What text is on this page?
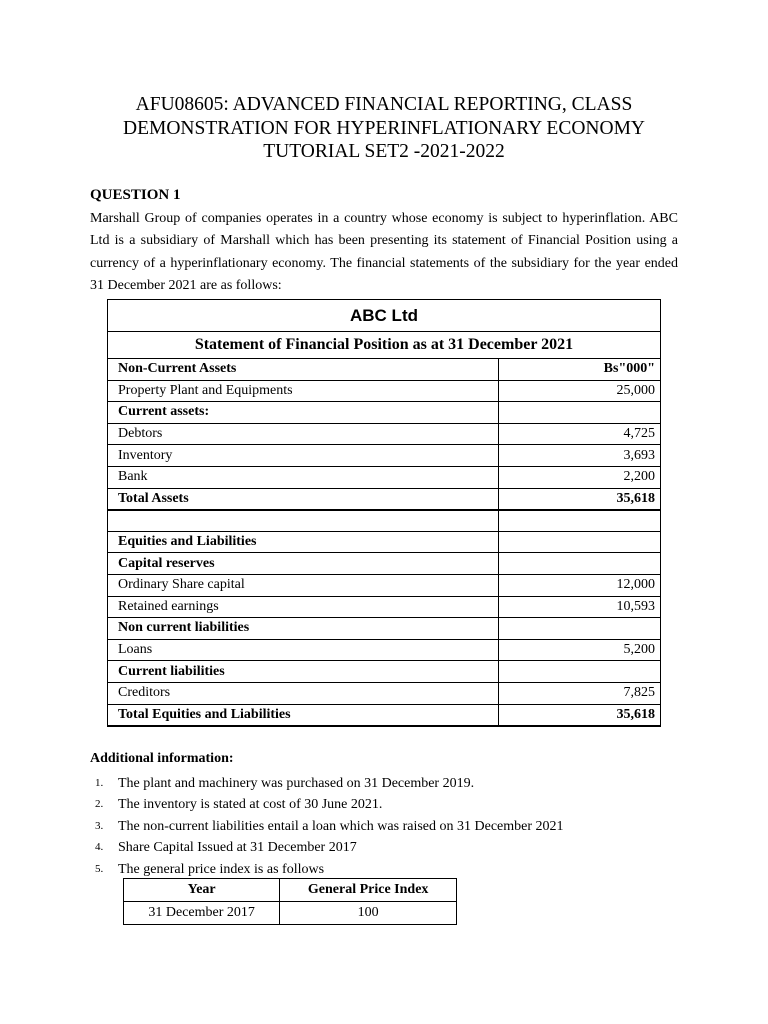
AFU08605: ADVANCED FINANCIAL REPORTING, CLASS
DEMONSTRATION FOR HYPERINFLATIONARY ECONOMY
TUTORIAL SET2 -2021-2022
QUESTION 1

Marshall Group of companies operates in a country whose economy is subject to hyperinflation. ABC Ltd is a subsidiary of Marshall which has been presenting its statement of Financial Position using a currency of a hyperinflationary economy. The financial statements of the subsidiary for the year ended 31 December 2021 are as follows:

ABC Ltd	
Statement of Financial Position as at 31 December 2021	
Non-Current Assets	Bs"000"
Property Plant and Equipments	25,000
Current assets:	
Debtors	4,725
Inventory	3,693
Bank	2,200
Total Assets	35,618

Equities and Liabilities	
Capital reserves	
Ordinary Share capital	12,000
Retained earnings	10,593
Non current liabilities	
Loans	5,200
Current liabilities	
Creditors	7,825
Total Equities and Liabilities	35,618
Additional information:
1. The plant and machinery was purchased on 31 December 2019.
2. The inventory is stated at cost of 30 June 2021.
3. The non-current liabilities entail a loan which was raised on 31 December 2021
4. Share Capital Issued at 31 December 2017
5. The general price index is as follows
Year	General Price Index
31 December 2017	100
